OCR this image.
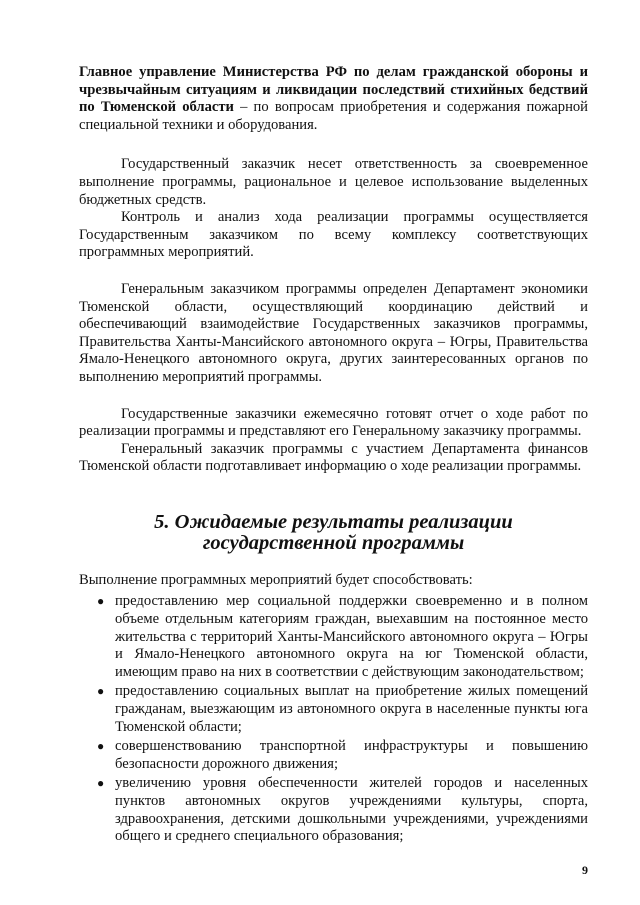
Главное управление Министерства РФ по делам гражданской обороны и чрезвычайным ситуациям и ликвидации последствий стихийных бедствий по Тюменской области – по вопросам приобретения и содержания пожарной специальной техники и оборудования.

Государственный заказчик несет ответственность за своевременное выполнение программы, рациональное и целевое использование выделенных бюджетных средств.

Контроль и анализ хода реализации программы осуществляется Государственным заказчиком по всему комплексу соответствующих программных мероприятий.

Генеральным заказчиком программы определен Департамент экономики Тюменской области, осуществляющий координацию действий и обеспечивающий взаимодействие Государственных заказчиков программы, Правительства Ханты-Мансийского автономного округа – Югры, Правительства Ямало-Ненецкого автономного округа, других заинтересованных органов по выполнению мероприятий программы.

Государственные заказчики ежемесячно готовят отчет о ходе работ по реализации программы и представляют его Генеральному заказчику программы.

Генеральный заказчик программы с участием Департамента финансов Тюменской области подготавливает информацию о ходе реализации программы.

5. Ожидаемые результаты реализации государственной программы

Выполнение программных мероприятий будет способствовать:

● предоставлению мер социальной поддержки своевременно и в полном объеме отдельным категориям граждан, выехавшим на постоянное место жительства с территорий Ханты-Мансийского автономного округа – Югры и Ямало-Ненецкого автономного округа на юг Тюменской области, имеющим право на них в соответствии с действующим законодательством;
● предоставлению социальных выплат на приобретение жилых помещений гражданам, выезжающим из автономного округа в населенные пункты юга Тюменской области;
● совершенствованию транспортной инфраструктуры и повышению безопасности дорожного движения;
● увеличению уровня обеспеченности жителей городов и населенных пунктов автономных округов учреждениями культуры, спорта, здравоохранения, детскими дошкольными учреждениями, учреждениями общего и среднего специального образования;
9
